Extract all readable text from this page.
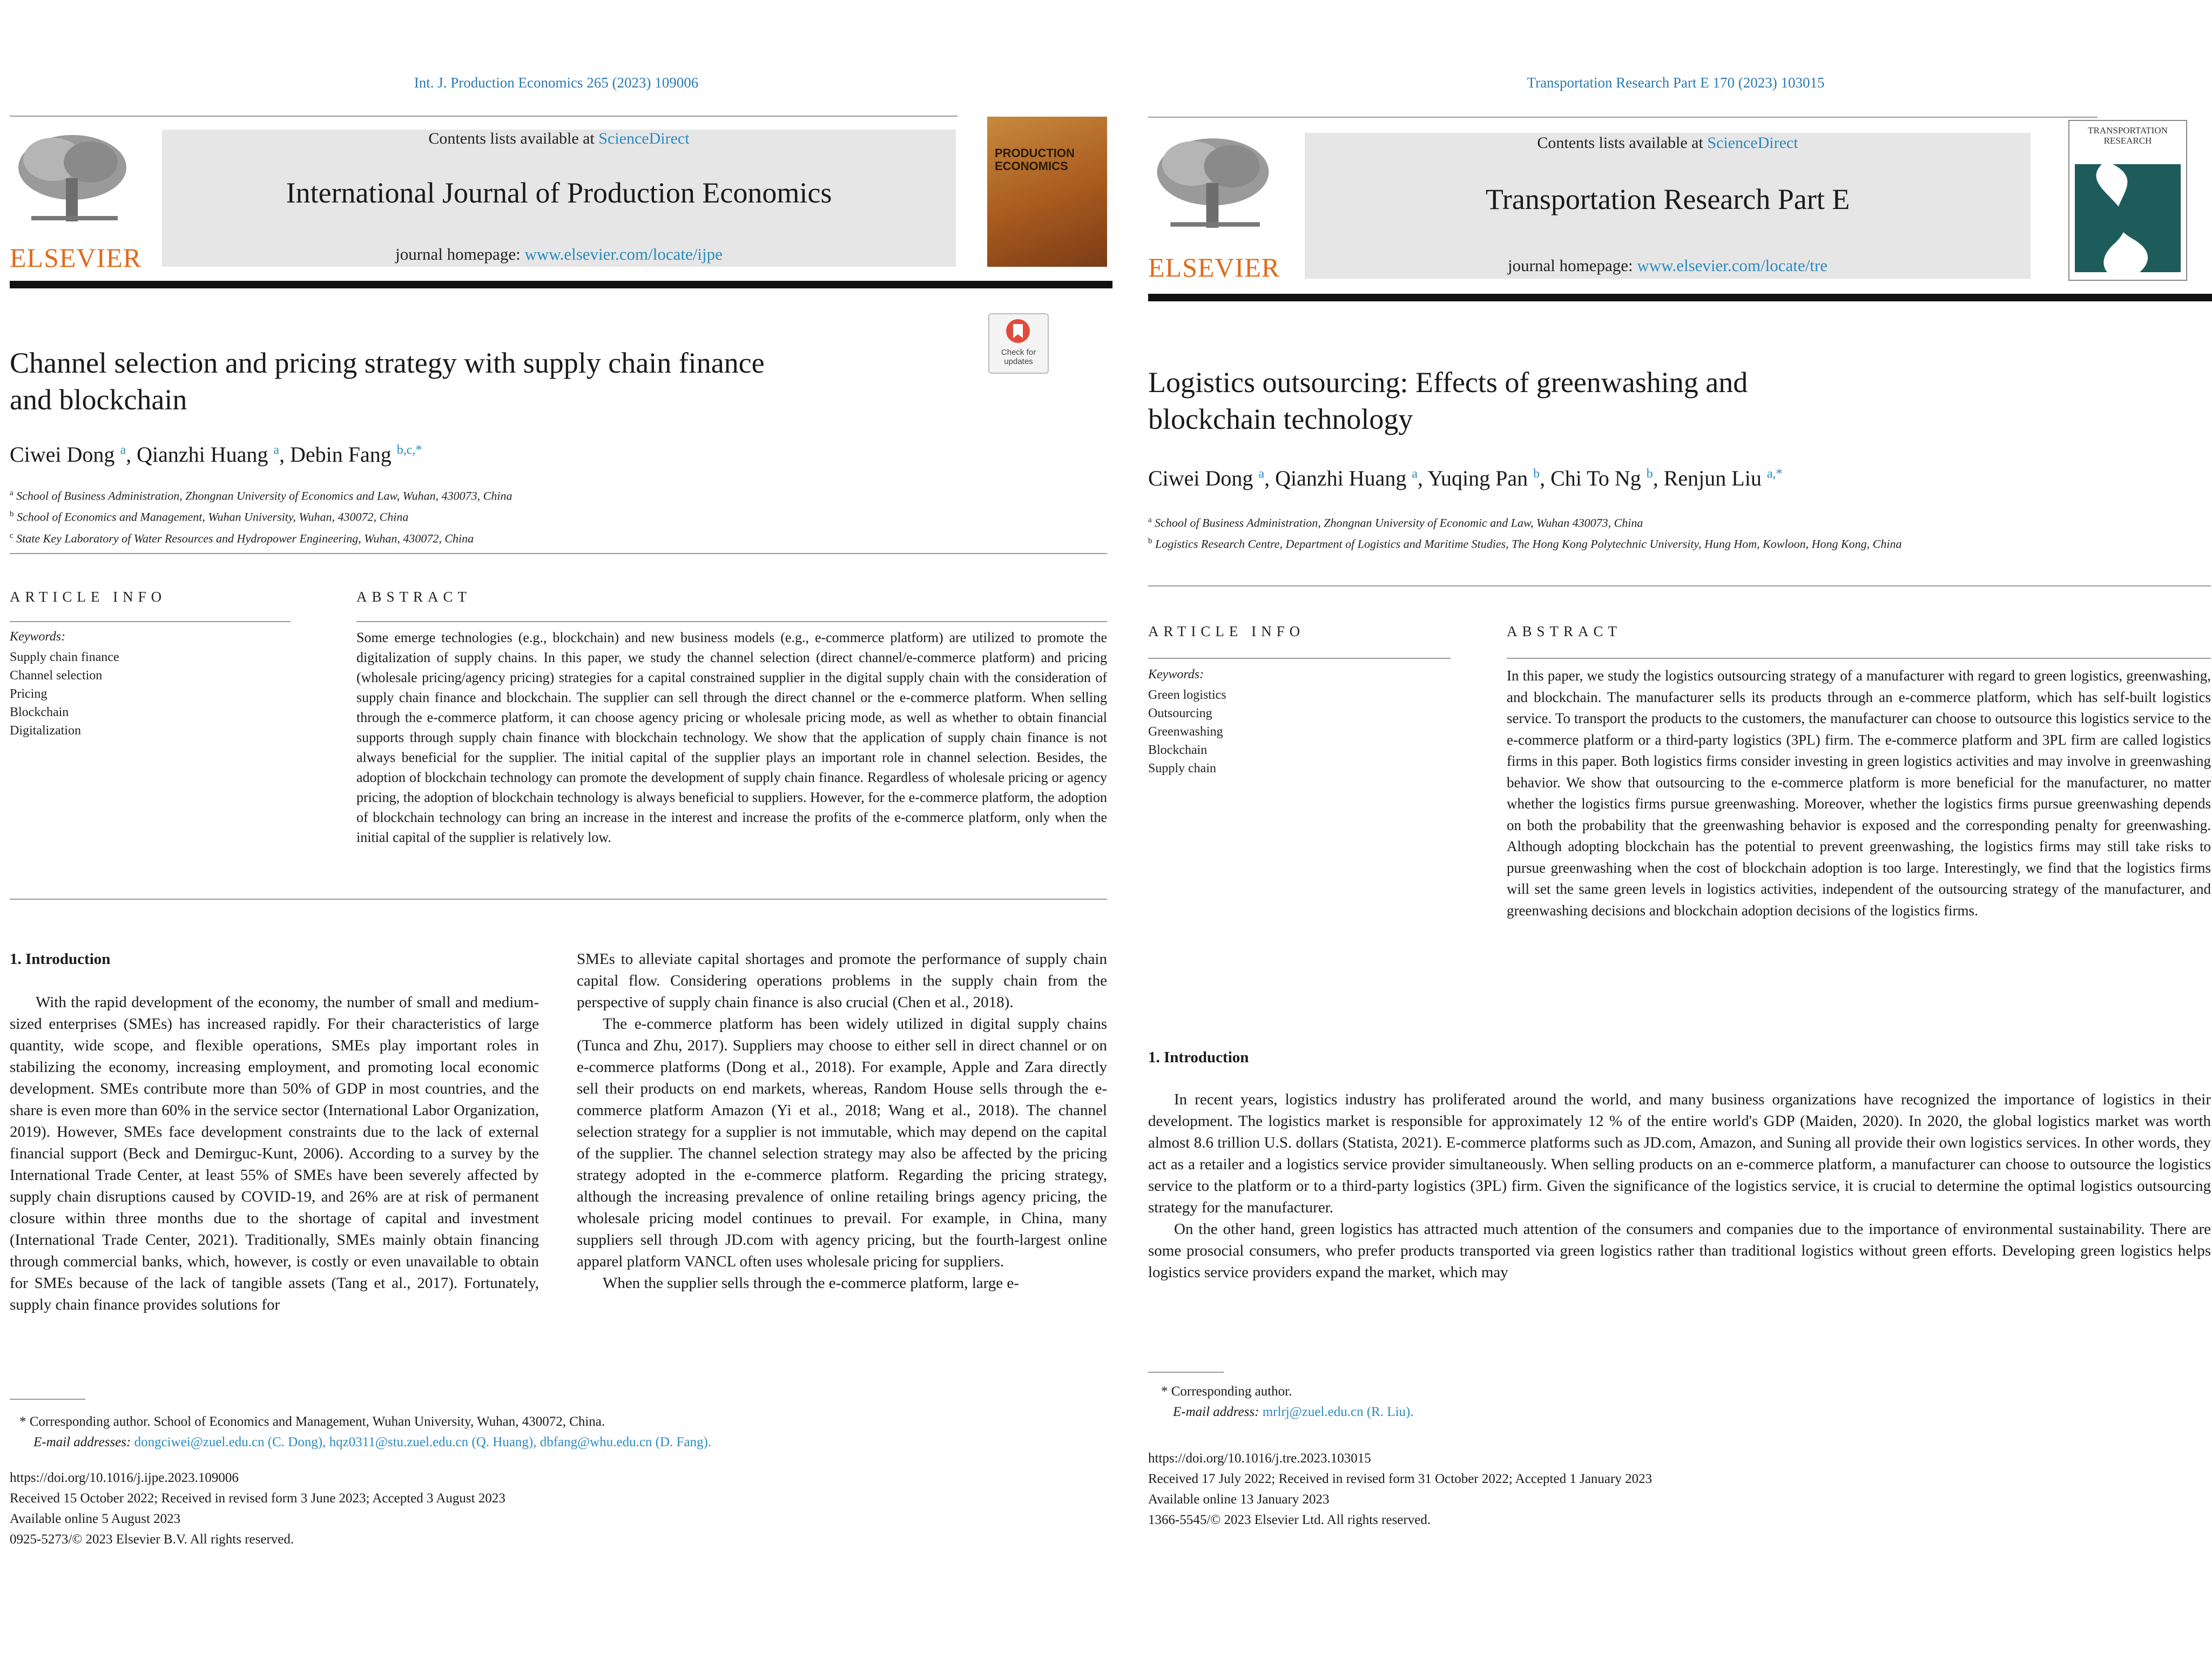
Int. J. Production Economics 265 (2023) 109006
ELSEVIER
Contents lists available at ScienceDirect
International Journal of Production Economics
journal homepage: www.elsevier.com/locate/ijpe
PRODUCTION ECONOMICS
Check for updates
Channel selection and pricing strategy with supply chain finance
and blockchain
Ciwei Dong $^a$, Qianzhi Huang $^a$, Debin Fang $^{b,c,*}$
$^a$ School of Business Administration, Zhongnan University of Economics and Law, Wuhan, 430073, China
$^b$ School of Economics and Management, Wuhan University, Wuhan, 430072, China
$^c$ State Key Laboratory of Water Resources and Hydropower Engineering, Wuhan, 430072, China
ARTICLE INFO	ABSTRACT
Keywords:
Supply chain finance
Channel selection
Pricing
Blockchain
Digitalization
Some emerge technologies (e.g., blockchain) and new business models (e.g., e-commerce platform) are utilized to promote the digitalization of supply chains. In this paper, we study the channel selection (direct channel/e-commerce platform) and pricing (wholesale pricing/agency pricing) strategies for a capital constrained supplier in the digital supply chain with the consideration of supply chain finance and blockchain. The supplier can sell through the direct channel or the e-commerce platform. When selling through the e-commerce platform, it can choose agency pricing or wholesale pricing mode, as well as whether to obtain financial supports through supply chain finance with blockchain technology. We show that the application of supply chain finance is not always beneficial for the supplier. The initial capital of the supplier plays an important role in channel selection. Besides, the adoption of blockchain technology can promote the development of supply chain finance. Regardless of wholesale pricing or agency pricing, the adoption of blockchain technology is always beneficial to suppliers. However, for the e-commerce platform, the adoption of blockchain technology can bring an increase in the interest and increase the profits of the e-commerce platform, only when the initial capital of the supplier is relatively low.
1. Introduction

With the rapid development of the economy, the number of small and medium-sized enterprises (SMEs) has increased rapidly. For their characteristics of large quantity, wide scope, and flexible operations, SMEs play important roles in stabilizing the economy, increasing employment, and promoting local economic development. SMEs contribute more than 50% of GDP in most countries, and the share is even more than 60% in the service sector (International Labor Organization, 2019). However, SMEs face development constraints due to the lack of external financial support (Beck and Demirguc-Kunt, 2006). According to a survey by the International Trade Center, at least 55% of SMEs have been severely affected by supply chain disruptions caused by COVID-19, and 26% are at risk of permanent closure within three months due to the shortage of capital and investment (International Trade Center, 2021). Traditionally, SMEs mainly obtain financing through commercial banks, which, however, is costly or even unavailable to obtain for SMEs because of the lack of tangible assets (Tang et al., 2017). Fortunately, supply chain finance provides solutions for

SMEs to alleviate capital shortages and promote the performance of supply chain capital flow. Considering operations problems in the supply chain from the perspective of supply chain finance is also crucial (Chen et al., 2018).

The e-commerce platform has been widely utilized in digital supply chains (Tunca and Zhu, 2017). Suppliers may choose to either sell in direct channel or on e-commerce platforms (Dong et al., 2018). For example, Apple and Zara directly sell their products on end markets, whereas, Random House sells through the e-commerce platform Amazon (Yi et al., 2018; Wang et al., 2018). The channel selection strategy for a supplier is not immutable, which may depend on the capital of the supplier. The channel selection strategy may also be affected by the pricing strategy adopted in the e-commerce platform. Regarding the pricing strategy, although the increasing prevalence of online retailing brings agency pricing, the wholesale pricing model continues to prevail. For example, in China, many suppliers sell through JD.com with agency pricing, but the fourth-largest online apparel platform VANCL often uses wholesale pricing for suppliers.

When the supplier sells through the e-commerce platform, large e-

* Corresponding author. School of Economics and Management, Wuhan University, Wuhan, 430072, China.
E-mail addresses: dongciwei@zuel.edu.cn (C. Dong), hqz0311@stu.zuel.edu.cn (Q. Huang), dbfang@whu.edu.cn (D. Fang).
https://doi.org/10.1016/j.ijpe.2023.109006
Received 15 October 2022; Received in revised form 3 June 2023; Accepted 3 August 2023
Available online 5 August 2023
0925-5273/© 2023 Elsevier B.V. All rights reserved.
Transportation Research Part E 170 (2023) 103015
ELSEVIER
Contents lists available at ScienceDirect
Transportation Research Part E
journal homepage: www.elsevier.com/locate/tre
TRANSPORTATION RESEARCH
Logistics outsourcing: Effects of greenwashing and
blockchain technology
Ciwei Dong $^a$, Qianzhi Huang $^a$, Yuqing Pan $^b$, Chi To Ng $^b$, Renjun Liu $^{a,*}$
$^a$ School of Business Administration, Zhongnan University of Economic and Law, Wuhan 430073, China
$^b$ Logistics Research Centre, Department of Logistics and Maritime Studies, The Hong Kong Polytechnic University, Hung Hom, Kowloon, Hong Kong, China
ARTICLE INFO	ABSTRACT
Keywords:
Green logistics
Outsourcing
Greenwashing
Blockchain
Supply chain
In this paper, we study the logistics outsourcing strategy of a manufacturer with regard to green logistics, greenwashing, and blockchain. The manufacturer sells its products through an e-commerce platform, which has self-built logistics service. To transport the products to the customers, the manufacturer can choose to outsource this logistics service to the e-commerce platform or a third-party logistics (3PL) firm. The e-commerce platform and 3PL firm are called logistics firms in this paper. Both logistics firms consider investing in green logistics activities and may involve in greenwashing behavior. We show that outsourcing to the e-commerce platform is more beneficial for the manufacturer, no matter whether the logistics firms pursue greenwashing. Moreover, whether the logistics firms pursue greenwashing depends on both the probability that the greenwashing behavior is exposed and the corresponding penalty for greenwashing. Although adopting blockchain has the potential to prevent greenwashing, the logistics firms may still take risks to pursue greenwashing when the cost of blockchain adoption is too large. Interestingly, we find that the logistics firms will set the same green levels in logistics activities, independent of the outsourcing strategy of the manufacturer, and greenwashing decisions and blockchain adoption decisions of the logistics firms.
1. Introduction

In recent years, logistics industry has proliferated around the world, and many business organizations have recognized the importance of logistics in their development. The logistics market is responsible for approximately 12 % of the entire world's GDP (Maiden, 2020). In 2020, the global logistics market was worth almost 8.6 trillion U.S. dollars (Statista, 2021). E-commerce platforms such as JD.com, Amazon, and Suning all provide their own logistics services. In other words, they act as a retailer and a logistics service provider simultaneously. When selling products on an e-commerce platform, a manufacturer can choose to outsource the logistics service to the platform or to a third-party logistics (3PL) firm. Given the significance of the logistics service, it is crucial to determine the optimal logistics outsourcing strategy for the manufacturer.

On the other hand, green logistics has attracted much attention of the consumers and companies due to the importance of environmental sustainability. There are some prosocial consumers, who prefer products transported via green logistics rather than traditional logistics without green efforts. Developing green logistics helps logistics service providers expand the market, which may

* Corresponding author.
E-mail address: mrlrj@zuel.edu.cn (R. Liu).
https://doi.org/10.1016/j.tre.2023.103015
Received 17 July 2022; Received in revised form 31 October 2022; Accepted 1 January 2023
Available online 13 January 2023
1366-5545/© 2023 Elsevier Ltd. All rights reserved.
